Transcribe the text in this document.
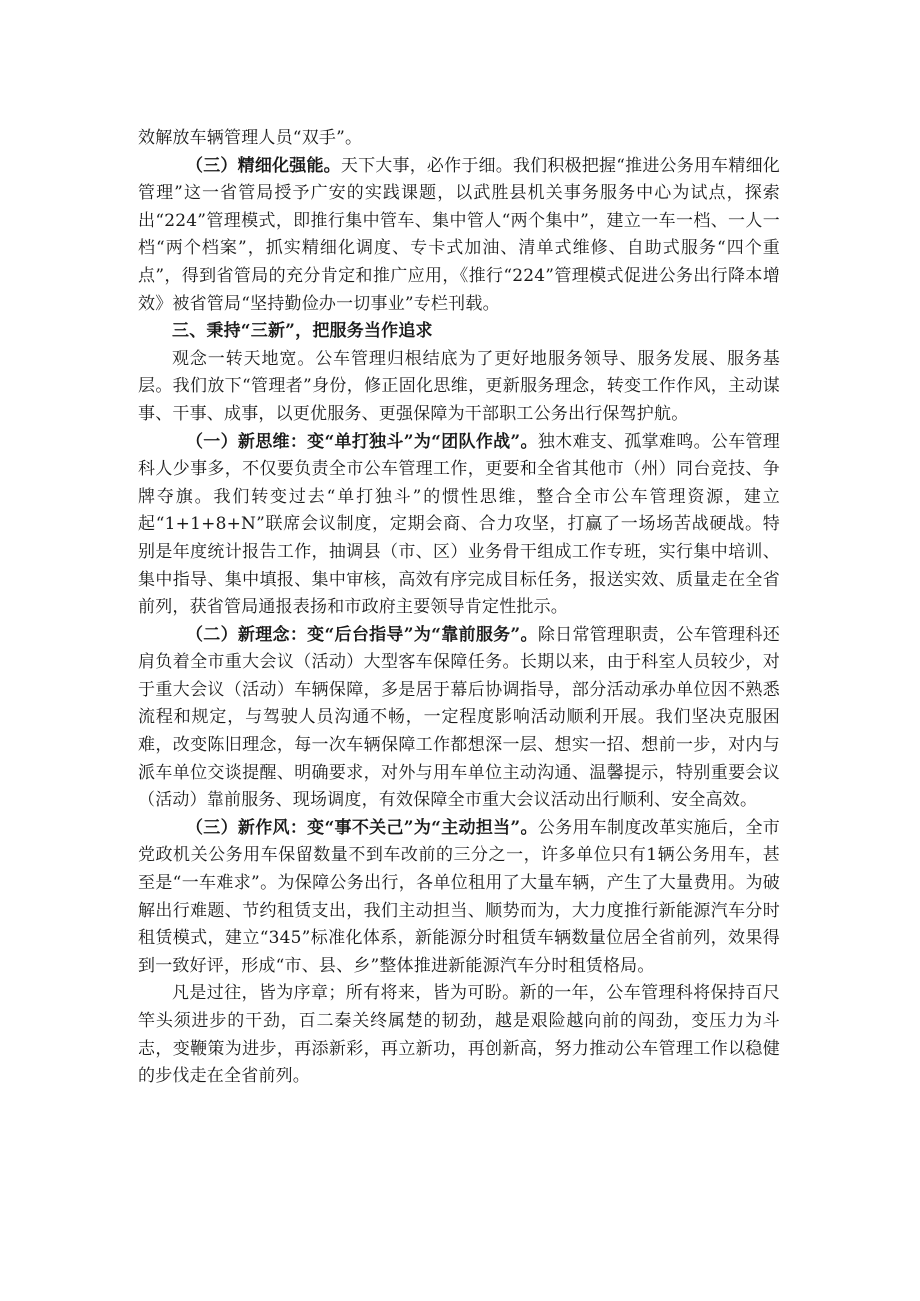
效解放车辆管理人员“双手”。

（三）精细化强能。天下大事，必作于细。我们积极把握“推进公务用车精细化管理”这一省管局授予广安的实践课题，以武胜县机关事务服务中心为试点，探索出“224”管理模式，即推行集中管车、集中管人“两个集中”，建立一车一档、一人一档“两个档案”，抓实精细化调度、专卡式加油、清单式维修、自助式服务“四个重点”，得到省管局的充分肯定和推广应用，《推行“224”管理模式促进公务出行降本增效》被省管局“坚持勤俭办一切事业”专栏刊载。

三、秉持“三新”，把服务当作追求

观念一转天地宽。公车管理归根结底为了更好地服务领导、服务发展、服务基层。我们放下“管理者”身份，修正固化思维，更新服务理念，转变工作作风，主动谋事、干事、成事，以更优服务、更强保障为干部职工公务出行保驾护航。

（一）新思维：变“单打独斗”为“团队作战”。独木难支、孤掌难鸣。公车管理科人少事多，不仅要负责全市公车管理工作，更要和全省其他市（州）同台竞技、争牌夺旗。我们转变过去“单打独斗”的惯性思维，整合全市公车管理资源，建立起“1+1+8+N”联席会议制度，定期会商、合力攻坚，打赢了一场场苦战硬战。特别是年度统计报告工作，抽调县（市、区）业务骨干组成工作专班，实行集中培训、集中指导、集中填报、集中审核，高效有序完成目标任务，报送实效、质量走在全省前列，获省管局通报表扬和市政府主要领导肯定性批示。

（二）新理念：变“后台指导”为“靠前服务”。除日常管理职责，公车管理科还肩负着全市重大会议（活动）大型客车保障任务。长期以来，由于科室人员较少，对于重大会议（活动）车辆保障，多是居于幕后协调指导，部分活动承办单位因不熟悉流程和规定，与驾驶人员沟通不畅，一定程度影响活动顺利开展。我们坚决克服困难，改变陈旧理念，每一次车辆保障工作都想深一层、想实一招、想前一步，对内与派车单位交谈提醒、明确要求，对外与用车单位主动沟通、温馨提示，特别重要会议（活动）靠前服务、现场调度，有效保障全市重大会议活动出行顺利、安全高效。

（三）新作风：变“事不关己”为“主动担当”。公务用车制度改革实施后，全市党政机关公务用车保留数量不到车改前的三分之一，许多单位只有1辆公务用车，甚至是“一车难求”。为保障公务出行，各单位租用了大量车辆，产生了大量费用。为破解出行难题、节约租赁支出，我们主动担当、顺势而为，大力度推行新能源汽车分时租赁模式，建立“345”标准化体系，新能源分时租赁车辆数量位居全省前列，效果得到一致好评，形成“市、县、乡”整体推进新能源汽车分时租赁格局。

凡是过往，皆为序章；所有将来，皆为可盼。新的一年，公车管理科将保持百尺竿头须进步的干劲，百二秦关终属楚的韧劲，越是艰险越向前的闯劲，变压力为斗志，变鞭策为进步，再添新彩，再立新功，再创新高，努力推动公车管理工作以稳健的步伐走在全省前列。
